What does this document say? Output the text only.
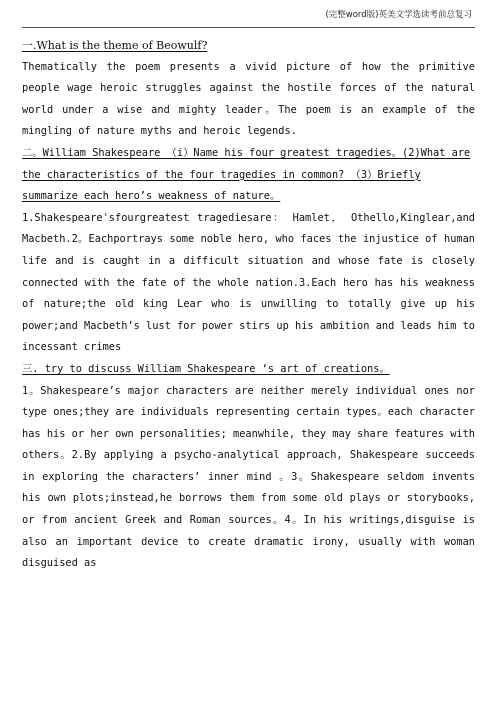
(完整word版)英美文学选读考前总复习

一.What is the theme of Beowulf?

Thematically the poem presents a vivid picture of how the primitive people wage heroic struggles against the hostile forces of the natural world under a wise and mighty leader。The poem is an example of the mingling of nature myths and heroic legends.

二。William Shakespeare （i）Name his four greatest tragedies。(2)What are the characteristics of the four tragedies in common? （3）Briefly summarize each hero’s weakness of nature。

1.Shakespeare'sfourgreatest tragediesare： Hamlet， Othello,Kinglear,and Macbeth.2。Eachportrays some noble hero, who faces the injustice of human life and is caught in a difficult situation and whose fate is closely connected with the fate of the whole nation.3.Each hero has his weakness of nature;the old king Lear who is unwilling to totally give up his power;and Macbeth’s lust for power stirs up his ambition and leads him to incessant crimes

三. try to discuss William Shakespeare ‘s art of creations。

1。Shakespeare’s major characters are neither merely individual ones nor type ones;they are individuals representing certain types。each character has his or her own personalities; meanwhile, they may share features with others。2.By applying a psycho-analytical approach, Shakespeare succeeds in exploring the characters’ inner mind 。3。Shakespeare seldom invents his own plots;instead,he borrows them from some old plays or storybooks, or from ancient Greek and Roman sources。4。In his writings,disguise is also an important device to create dramatic irony, usually with woman disguised as
